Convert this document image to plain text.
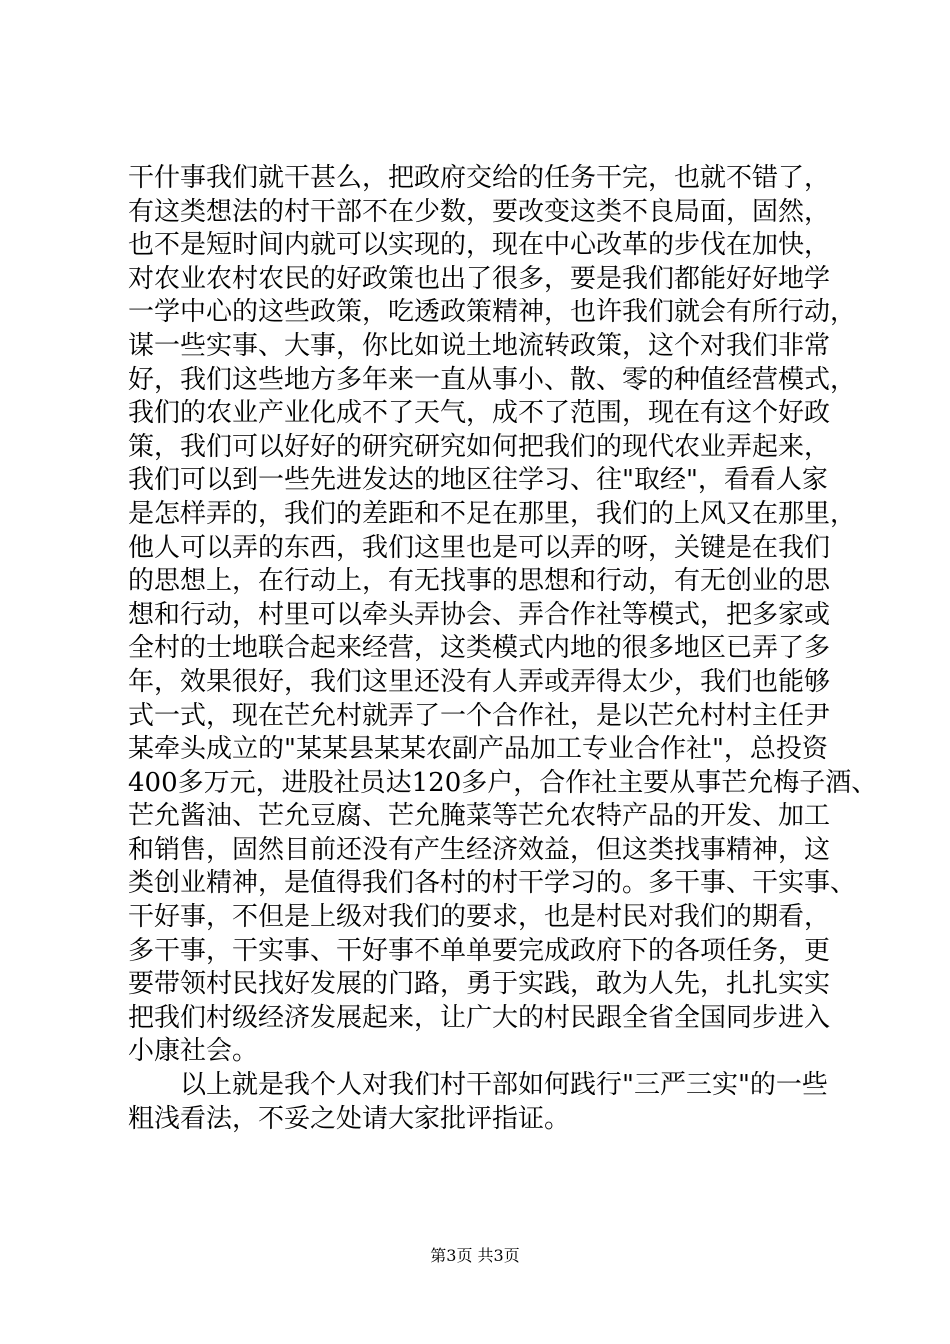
干什事我们就干甚么，把政府交给的任务干完，也就不错了，
有这类想法的村干部不在少数，要改变这类不良局面，固然，
也不是短时间内就可以实现的，现在中心改革的步伐在加快，
对农业农村农民的好政策也出了很多，要是我们都能好好地学
一学中心的这些政策，吃透政策精神，也许我们就会有所行动，
谋一些实事、大事，你比如说土地流转政策，这个对我们非常
好，我们这些地方多年来一直从事小、散、零的种值经营模式，
我们的农业产业化成不了天气，成不了范围，现在有这个好政
策，我们可以好好的研究研究如何把我们的现代农业弄起来，
我们可以到一些先进发达的地区往学习、往"取经"，看看人家
是怎样弄的，我们的差距和不足在那里，我们的上风又在那里，
他人可以弄的东西，我们这里也是可以弄的呀，关键是在我们
的思想上，在行动上，有无找事的思想和行动，有无创业的思
想和行动，村里可以牵头弄协会、弄合作社等模式，把多家或
全村的士地联合起来经营，这类模式内地的很多地区已弄了多
年，效果很好，我们这里还没有人弄或弄得太少，我们也能够
式一式，现在芒允村就弄了一个合作社，是以芒允村村主任尹
某牵头成立的"某某县某某农副产品加工专业合作社"，总投资
400多万元，进股社员达120多户，合作社主要从事芒允梅子酒、
芒允酱油、芒允豆腐、芒允腌菜等芒允农特产品的开发、加工
和销售，固然目前还没有产生经济效益，但这类找事精神，这
类创业精神，是值得我们各村的村干学习的。多干事、干实事、
干好事，不但是上级对我们的要求，也是村民对我们的期看，
多干事，干实事、干好事不单单要完成政府下的各项任务，更
要带领村民找好发展的门路，勇于实践，敢为人先，扎扎实实
把我们村级经济发展起来，让广大的村民跟全省全国同步进入
小康社会。
以上就是我个人对我们村干部如何践行"三严三实"的一些
粗浅看法，不妥之处请大家批评指证。
第3页 共3页
